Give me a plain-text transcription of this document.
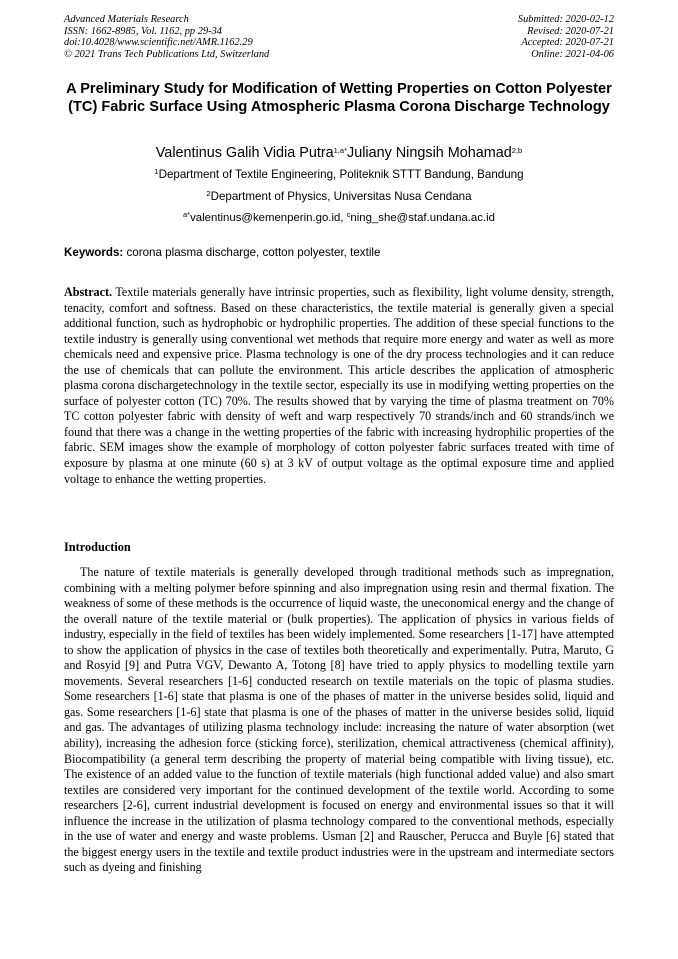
Advanced Materials Research
ISSN: 1662-8985, Vol. 1162, pp 29-34
doi:10.4028/www.scientific.net/AMR.1162.29
© 2021 Trans Tech Publications Ltd, Switzerland
Submitted: 2020-02-12
Revised: 2020-07-21
Accepted: 2020-07-21
Online: 2021-04-06
A Preliminary Study for Modification of Wetting Properties on Cotton Polyester (TC) Fabric Surface Using Atmospheric Plasma Corona Discharge Technology
Valentinus Galih Vidia Putra$^{1,a*}$Juliany Ningsih Mohamad$^{2,b}$
$^1$Department of Textile Engineering, Politeknik STTT Bandung, Bandung
$^2$Department of Physics, Universitas Nusa Cendana
$^{a*}$valentinus@kemenperin.go.id, $^c$ning_she@staf.undana.ac.id
Keywords: corona plasma discharge, cotton polyester, textile

Abstract. Textile materials generally have intrinsic properties, such as flexibility, light volume density, strength, tenacity, comfort and softness. Based on these characteristics, the textile material is generally given a special additional function, such as hydrophobic or hydrophilic properties. The addition of these special functions to the textile industry is generally using conventional wet methods that require more energy and water as well as more chemicals need and expensive price. Plasma technology is one of the dry process technologies and it can reduce the use of chemicals that can pollute the environment. This article describes the application of atmospheric plasma corona dischargetechnology in the textile sector, especially its use in modifying wetting properties on the surface of polyester cotton (TC) 70%. The results showed that by varying the time of plasma treatment on 70% TC cotton polyester fabric with density of weft and warp respectively 70 strands/inch and 60 strands/inch we found that there was a change in the wetting properties of the fabric with increasing hydrophilic properties of the fabric. SEM images show the example of morphology of cotton polyester fabric surfaces treated with time of exposure by plasma at one minute (60 s) at 3 kV of output voltage as the optimal exposure time and applied voltage to enhance the wetting properties.

Introduction

The nature of textile materials is generally developed through traditional methods such as impregnation, combining with a melting polymer before spinning and also impregnation using resin and thermal fixation. The weakness of some of these methods is the occurrence of liquid waste, the uneconomical energy and the change of the overall nature of the textile material or (bulk properties). The application of physics in various fields of industry, especially in the field of textiles has been widely implemented. Some researchers [1-17] have attempted to show the application of physics in the case of textiles both theoretically and experimentally. Putra, Maruto, G and Rosyid [9] and Putra VGV, Dewanto A, Totong [8] have tried to apply physics to modelling textile yarn movements. Several researchers [1-6] conducted research on textile materials on the topic of plasma studies. Some researchers [1-6] state that plasma is one of the phases of matter in the universe besides solid, liquid and gas. Some researchers [1-6] state that plasma is one of the phases of matter in the universe besides solid, liquid and gas. The advantages of utilizing plasma technology include: increasing the nature of water absorption (wet ability), increasing the adhesion force (sticking force), sterilization, chemical attractiveness (chemical affinity), Biocompatibility (a general term describing the property of material being compatible with living tissue), etc. The existence of an added value to the function of textile materials (high functional added value) and also smart textiles are considered very important for the continued development of the textile world. According to some researchers [2-6], current industrial development is focused on energy and environmental issues so that it will influence the increase in the utilization of plasma technology compared to the conventional methods, especially in the use of water and energy and waste problems. Usman [2] and Rauscher, Perucca and Buyle [6] stated that the biggest energy users in the textile and textile product industries were in the upstream and intermediate sectors such as dyeing and finishing
